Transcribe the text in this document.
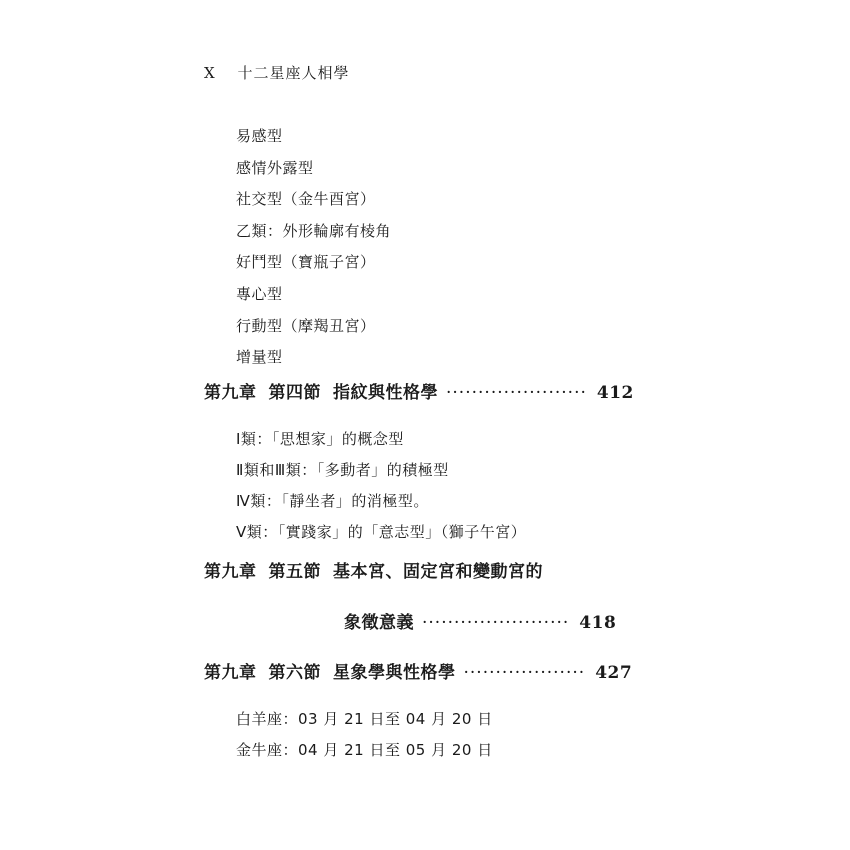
X 十二星座人相學
易感型
感情外露型
社交型（金牛酉宮）
乙類：外形輪廓有棱角
好鬥型（寶瓶子宮）
專心型
行動型（摩羯丑宮）
增量型
第九章 第四節 指紋與性格學 ······················ 412
Ⅰ類：「思想家」的概念型
Ⅱ類和Ⅲ類：「多動者」的積極型
Ⅳ類：「靜坐者」的消極型。
Ⅴ類：「實踐家」的「意志型」（獅子午宮）
第九章 第五節 基本宮、固定宮和變動宮的
象徵意義 ······················· 418
第九章 第六節 星象學與性格學 ··················· 427
白羊座：03 月 21 日至 04 月 20 日
金牛座：04 月 21 日至 05 月 20 日
